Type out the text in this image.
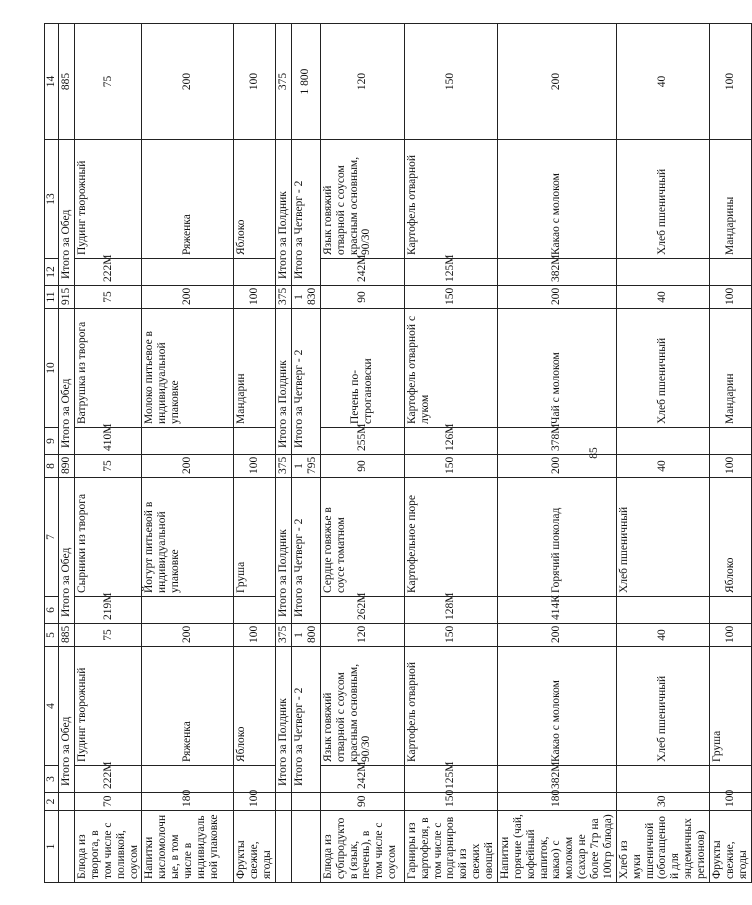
1	2	3	4	5	6	7	8	9	10	11	12	13	14
		Итого за Обед		885	Итого за Обед		890	Итого за Обед		915	Итого за Обед		885
Блюда из творога, в том числе с поливкой, соусом	70	222М	Пудинг творожный	75	219М	Сырники из творога	75	410М	Ватрушка из творога	75	222М	Пудинг творожный	75
Напитки кисломолочные, в том числе в индивидуальной упаковке	180		Ряженка	200		Йогурт питьевой в индивидуальной упаковке	200		Молоко питьевое в индивидуальной упаковке	200		Ряженка	200
Фрукты свежие, ягоды	100		Яблоко	100		Груша	100		Мандарин	100		Яблоко	100
		Итого за Полдник		375	Итого за Полдник		375	Итого за Полдник		375	Итого за Полдник		375
		Итого за Четверг - 2		1 800	Итого за Четверг - 2		1 795	Итого за Четверг - 2		1 830	Итого за Четверг - 2		1 800
Блюда из субпродуктов (язык, печень), в том числе с соусом	90	242М	Язык говяжий отварной с соусом красным основным, 90/30	120	262М	Сердце говяжье в соусе томатном	90	255М	Печень по-строгановски	90	242М	Язык говяжий отварной с соусом красным основным, 90/30	120
Гарниры из картофеля, в том числе с подгарнировкой из свежих овощей	150	125М	Картофель отварной	150	128М	Картофельное пюре	150	126М	Картофель отварной с луком	150	125М	Картофель отварной	150
Напитки горячие (чай, кофейный напиток, какао) с молоком (сахар не более 7гр на 100гр блюда)	180	382М	Какао с молоком	200	414К	Горячий шоколад	200	378М	Чай с молоком	200	382М	Какао с молоком	200
Хлеб из муки пшеничной (обогащенной для эндемичных регионов)	30		Хлеб пшеничный	40		Хлеб пшеничный	40		Хлеб пшеничный	40		Хлеб пшеничный	40
Фрукты свежие, ягоды	100		Груша	100		Яблоко	100		Мандарин	100		Мандарины	100
85
